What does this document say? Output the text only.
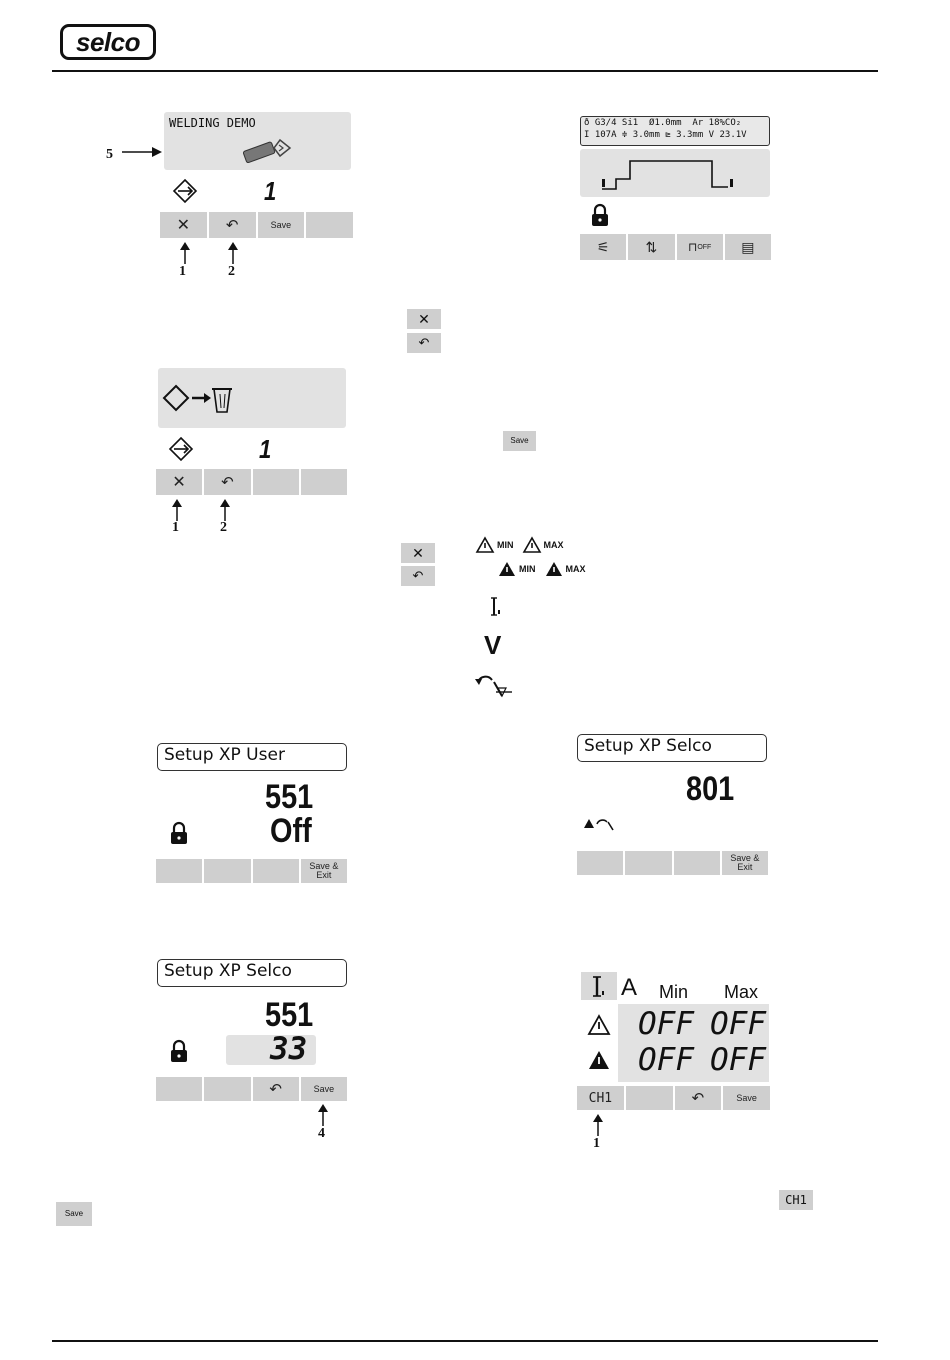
selco
WELDING DEMO
5
1
✕ ↶	Save
1	2
ð G3/4 Si1 Ø1.0mm Ar 18%CO₂
I 107A ≑ 3.0mm ⊵ 3.3mm V 23.1V
⚟	⇅	⊓ OFF ▤
✕
↶
1
✕ ↶
1	2
Save
✕
↶
MIN	MAX
MIN	MAX
V
Setup XP User
551
Off
Save & Exit
Setup XP Selco
801
Save & Exit
Setup XP Selco
551
33
↶	Save
4
A Min Max
OFF OFF
OFF OFF
CH1	↶	Save
1
CH1
Save
